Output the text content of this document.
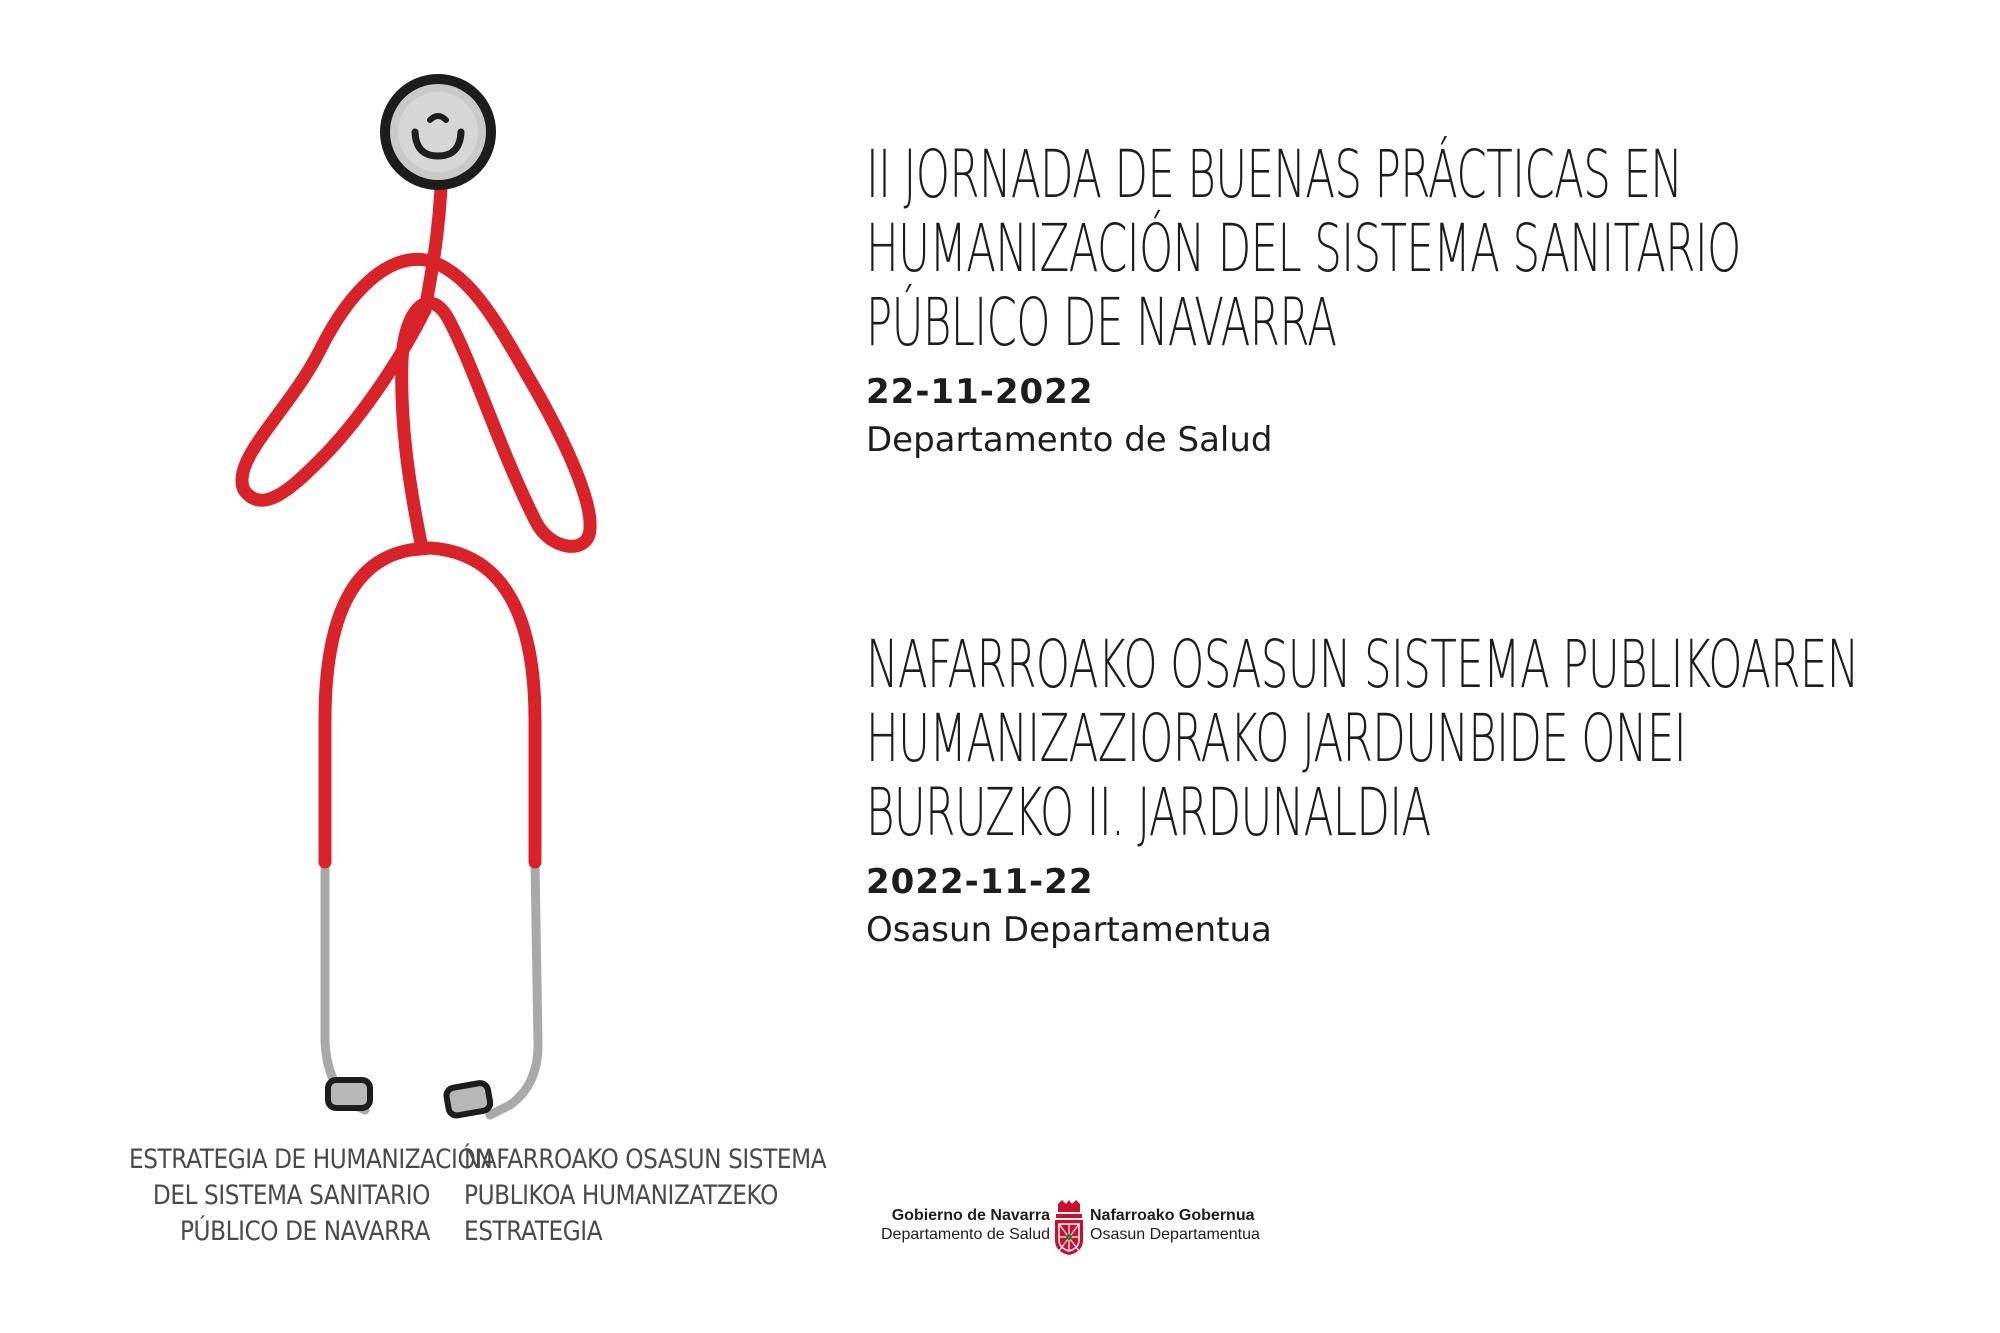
ESTRATEGIA DE HUMANIZACIÓN
DEL SISTEMA SANITARIO
PÚBLICO DE NAVARRA
NAFARROAKO OSASUN SISTEMA
PUBLIKOA HUMANIZATZEKO
ESTRATEGIA
II JORNADA DE BUENAS PRÁCTICAS EN
HUMANIZACIÓN DEL SISTEMA SANITARIO
PÚBLICO DE NAVARRA
22-11-2022
Departamento de Salud
NAFARROAKO OSASUN SISTEMA PUBLIKOAREN
HUMANIZAZIORAKO JARDUNBIDE ONEI
BURUZKO II. JARDUNALDIA
2022-11-22
Osasun Departamentua
Gobierno de Navarra
Departamento de Salud
Nafarroako Gobernua
Osasun Departamentua
